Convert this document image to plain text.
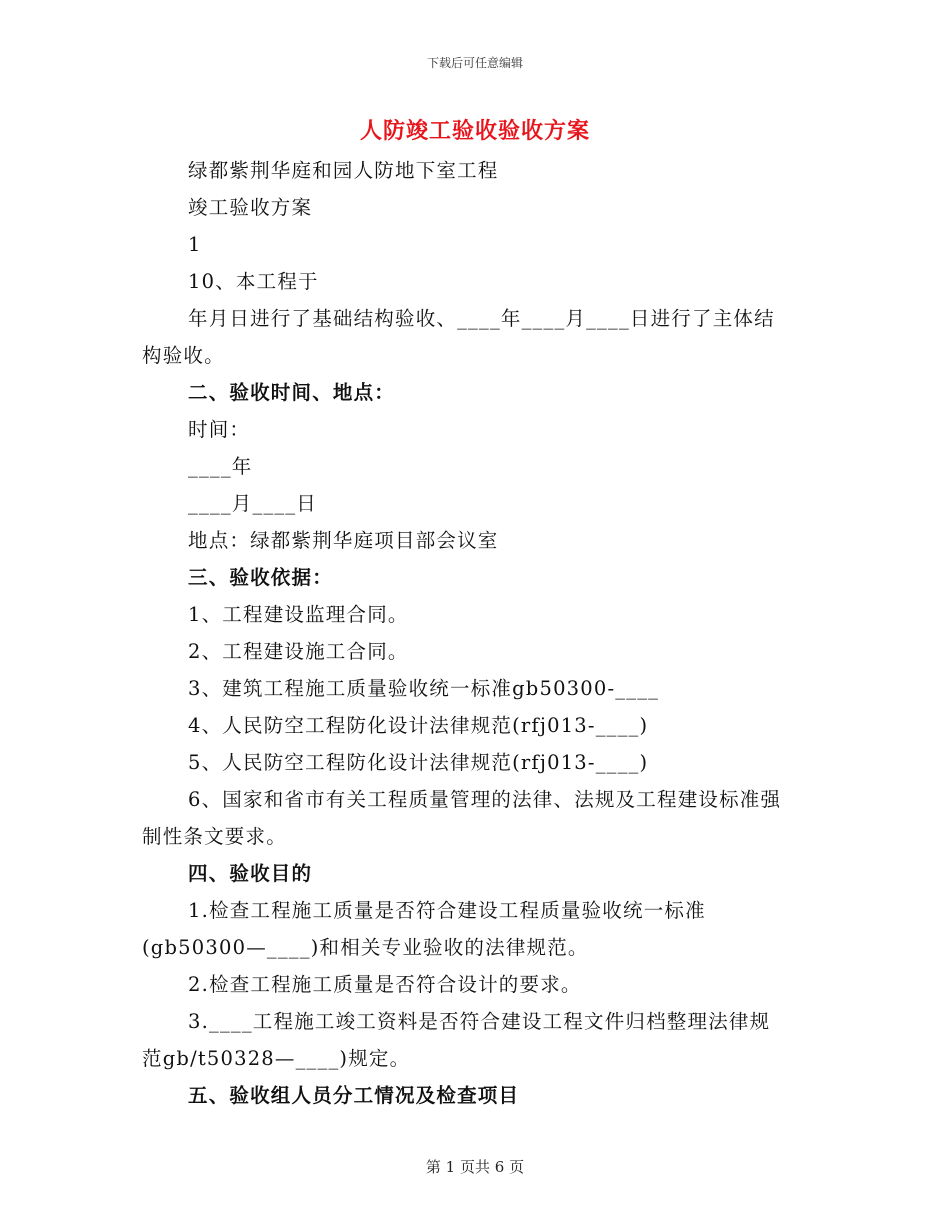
下载后可任意编辑
人防竣工验收验收方案
绿都紫荆华庭和园人防地下室工程
竣工验收方案
1
10、本工程于
年月日进行了基础结构验收、____年____月____日进行了主体结
构验收。
二、验收时间、地点：
时间：
____年
____月____日
地点：绿都紫荆华庭项目部会议室
三、验收依据：
1、工程建设监理合同。
2、工程建设施工合同。
3、建筑工程施工质量验收统一标准gb50300-____
4、人民防空工程防化设计法律规范(rfj013-____)
5、人民防空工程防化设计法律规范(rfj013-____)
6、国家和省市有关工程质量管理的法律、法规及工程建设标准强
制性条文要求。
四、验收目的
1.检查工程施工质量是否符合建设工程质量验收统一标准
(gb50300—____)和相关专业验收的法律规范。
2.检查工程施工质量是否符合设计的要求。
3.____工程施工竣工资料是否符合建设工程文件归档整理法律规
范gb/t50328—____)规定。
五、验收组人员分工情况及检查项目
第 1 页共 6 页
